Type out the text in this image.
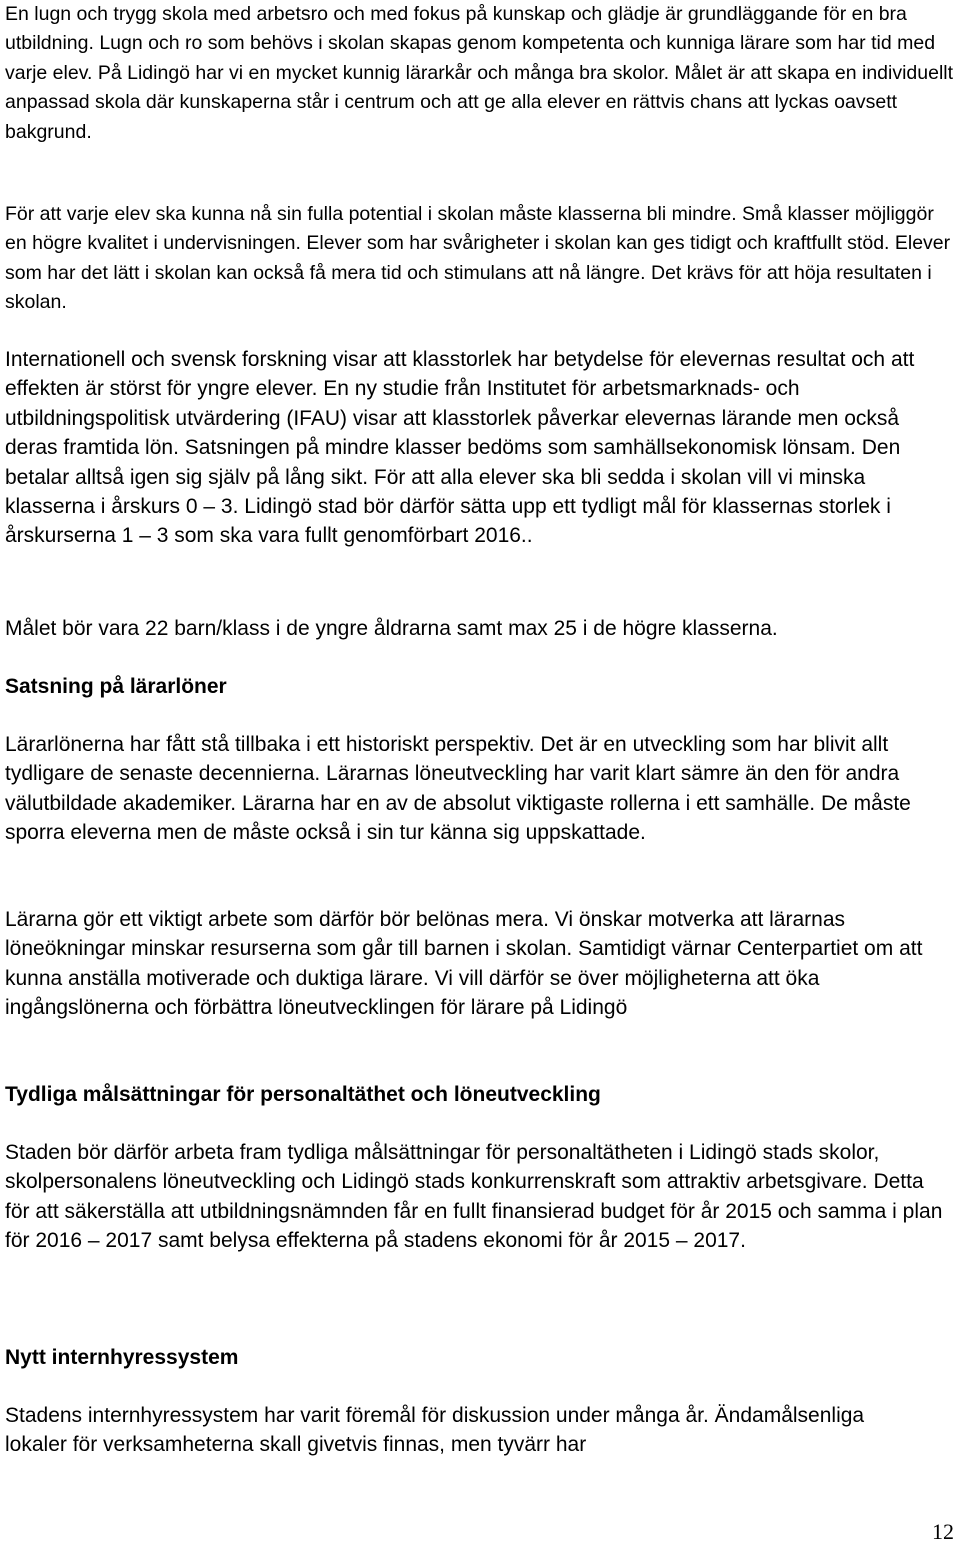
En lugn och trygg skola med arbetsro och med fokus på kunskap och glädje är grundläggande för en bra utbildning. Lugn och ro som behövs i skolan skapas genom kompetenta och kunniga lärare som har tid med varje elev. På Lidingö har vi en mycket kunnig lärarkår och många bra skolor. Målet är att skapa en individuellt anpassad skola där kunskaperna står i centrum och att ge alla elever en rättvis chans att lyckas oavsett bakgrund.

För att varje elev ska kunna nå sin fulla potential i skolan måste klasserna bli mindre. Små klasser möjliggör en högre kvalitet i undervisningen. Elever som har svårigheter i skolan kan ges tidigt och kraftfullt stöd. Elever som har det lätt i skolan kan också få mera tid och stimulans att nå längre. Det krävs för att höja resultaten i skolan.

Internationell och svensk forskning visar att klasstorlek har betydelse för elevernas resultat och att effekten är störst för yngre elever. En ny studie från Institutet för arbetsmarknads- och utbildningspolitisk utvärdering (IFAU) visar att klasstorlek påverkar elevernas lärande men också deras framtida lön. Satsningen på mindre klasser bedöms som samhällsekonomisk lönsam. Den betalar alltså igen sig själv på lång sikt. För att alla elever ska bli sedda i skolan vill vi minska klasserna i årskurs 0 – 3. Lidingö stad bör därför sätta upp ett tydligt mål för klassernas storlek i årskurserna 1 – 3 som ska vara fullt genomförbart 2016..

Målet bör vara 22 barn/klass i de yngre åldrarna samt max 25 i de högre klasserna.

Satsning på lärarlöner

Lärarlönerna har fått stå tillbaka i ett historiskt perspektiv. Det är en utveckling som har blivit allt tydligare de senaste decennierna. Lärarnas löneutveckling har varit klart sämre än den för andra välutbildade akademiker. Lärarna har en av de absolut viktigaste rollerna i ett samhälle. De måste sporra eleverna men de måste också i sin tur känna sig uppskattade.

Lärarna gör ett viktigt arbete som därför bör belönas mera. Vi önskar motverka att lärarnas löneökningar minskar resurserna som går till barnen i skolan. Samtidigt värnar Centerpartiet om att kunna anställa motiverade och duktiga lärare. Vi vill därför se över möjligheterna att öka ingångslönerna och förbättra löneutvecklingen för lärare på Lidingö

Tydliga målsättningar för personaltäthet och löneutveckling

Staden bör därför arbeta fram tydliga målsättningar för personaltätheten i Lidingö stads skolor, skolpersonalens löneutveckling och Lidingö stads konkurrenskraft som attraktiv arbetsgivare. Detta för att säkerställa att utbildningsnämnden får en fullt finansierad budget för år 2015 och samma i plan för 2016 – 2017 samt belysa effekterna på stadens ekonomi för år 2015 – 2017.

Nytt internhyressystem

Stadens internhyressystem har varit föremål för diskussion under många år. Ändamålsenliga lokaler för verksamheterna skall givetvis finnas, men tyvärr har

12
